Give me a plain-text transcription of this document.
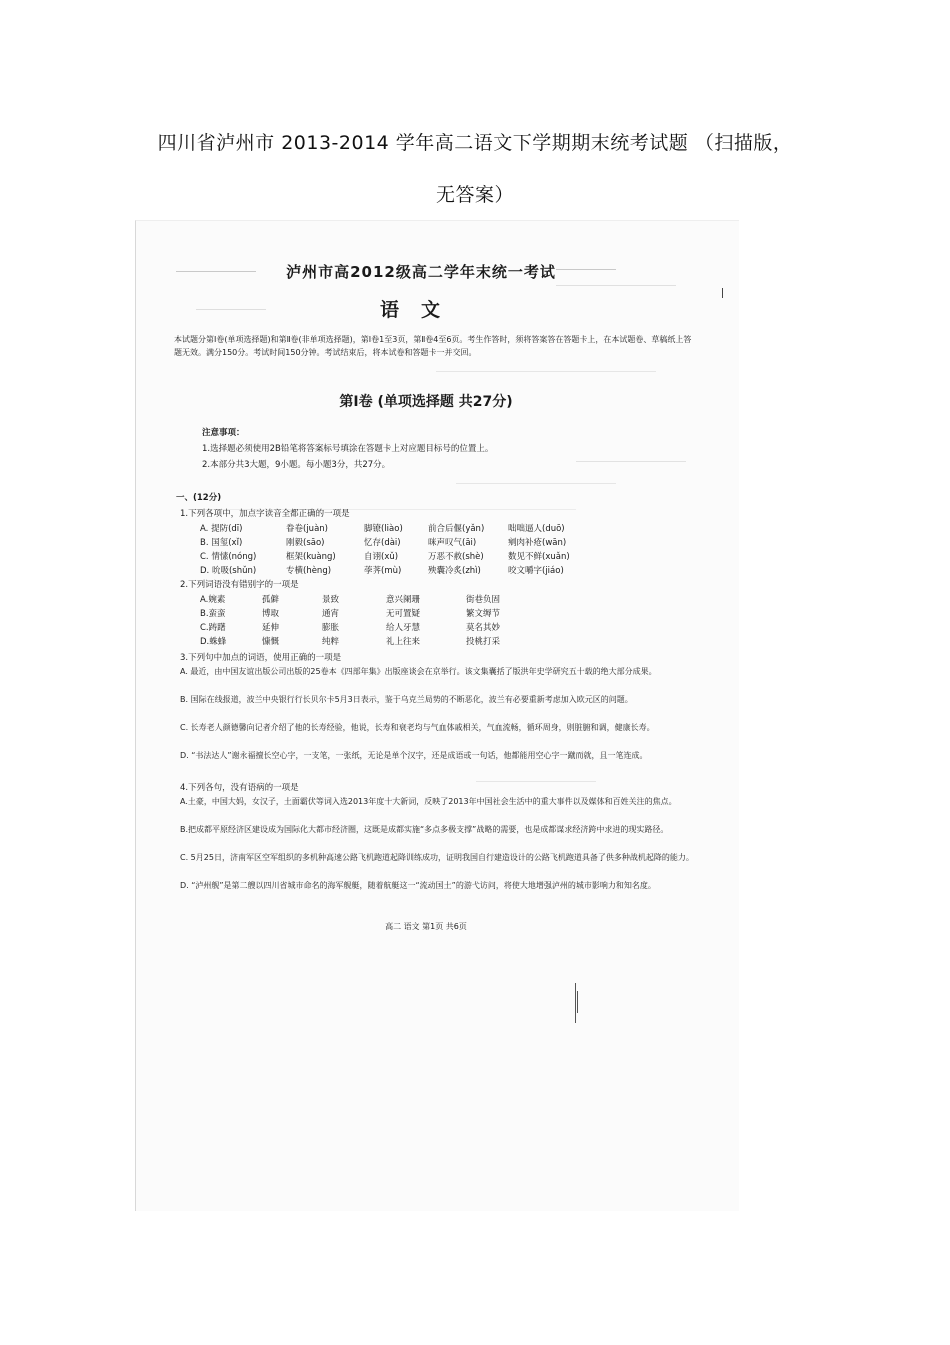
四川省泸州市 2013-2014 学年高二语文下学期期末统考试题 （扫描版，
无答案）
泸州市高2012级高二学年末统一考试
语文
本试题分第Ⅰ卷(单项选择题)和第Ⅱ卷(非单项选择题)，第Ⅰ卷1至3页，第Ⅱ卷4至6页。考生作答时，须将答案答在答题卡上，在本试题卷、草稿纸上答题无效。满分150分。考试时间150分钟。考试结束后，将本试卷和答题卡一并交回。
第Ⅰ卷 (单项选择题 共27分)
注意事项：
1.选择题必须使用2B铅笔将答案标号填涂在答题卡上对应题目标号的位置上。
2.本部分共3大题，9小题。每小题3分，共27分。
一、(12分)
1.下列各项中，加点字读音全都正确的一项是
A. 提防(dī)	眷卷(juàn)	脚镣(liào)	前合后偃(yǎn)	咄咄逼人(duō)
B. 国玺(xǐ)	刚毅(sāo)	忆存(dài)	咪声叹气(āi)	剜肉补疮(wān)
C. 情愫(nóng)	框架(kuàng)	自诩(xǔ)	万恶不赦(shè)	数见不鲜(xuǎn)
D. 吮吸(shǔn)	专横(hèng)	荸荠(mù)	殃囊冷炙(zhì)	咬文嚼字(jiáo)
2.下列词语没有错别字的一项是
A.婉素	孤僻	景致	意兴阑珊	街巷负固
B.蛮蛮	博取	通宵	无可置疑	繁文缛节
C.踌躇	延伸	膨胀	给人牙慧	莫名其妙
D.蛛蜂	慷慨	纯粹	礼上往来	投桃打采
3.下列句中加点的词语，使用正确的一项是
A. 最近，由中国友谊出版公司出版的25卷本《四部年集》出版座谈会在京举行。该文集囊括了版洪年史学研究五十载的绝大部分成果。
B. 国际在线报道，波兰中央银行行长贝尔卡5月3日表示，鉴于乌克兰局势的不断恶化，波兰有必要重新考虑加入欧元区的问题。
C. 长寿老人颜德馨向记者介绍了他的长寿经验，他说，长寿和衰老均与气血体戚相关，气血流畅，循环周身，则脏腑和调，健康长寿。
D. “书法达人”谢永福擅长空心字，一支笔，一张纸，无论是单个汉字，还是成语或一句话，他都能用空心字一蹴而就，且一笔连成。
4.下列各句，没有语病的一项是
A.土豪，中国大妈，女汉子，土面霸伏等词入选2013年度十大新词，反映了2013年中国社会生活中的重大事件以及媒体和百姓关注的焦点。
B.把成都平原经济区建设成为国际化大都市经济圈，这既是成都实施“多点多极支撑”战略的需要，也是成都谋求经济跨中求进的现实路径。
C. 5月25日，济南军区空军组织的多机种高速公路飞机跑道起降训练成功，证明我国自行建造设计的公路飞机跑道具备了供多种战机起降的能力。
D. “泸州舰”是第二艘以四川省城市命名的海军舰艇，随着航艇这一“流动国土”的游弋访问，将使大地增强泸州的城市影响力和知名度。
高二 语文 第1页 共6页
